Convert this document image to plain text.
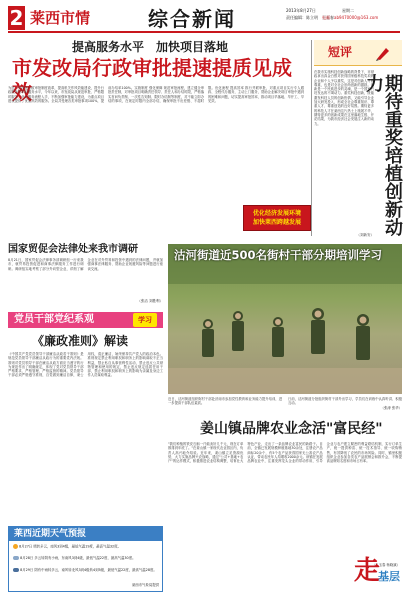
2 莱西市情	综合新闻	2013年8月27日	星期二
责任编辑：陈立明　王玉春
电邮：ab9470000@163.com
提高服务水平　加快项目落地
市发改局行政审批提速提质见成效
为进一步深化行政审批制度改革，提高机关作风效能建设，提升行政服务效率和服务水平，今年以来，市发改局从规范审批、严格限时服务、优化服务流程入手，不断加强审批能力建设，为重点项目建设提供了优质高效的服务。全局共受理各类审批事项100%，提前办结率100%。实施制度 强化保障 规范审批流程，建立健全审批责任制，对审批项目明确责任领导、责任人和办结时限，严格落实首问负责制、一次性告知制、限时办结制等制度，对不能立即办结的事项，在规定时限内全部办结，确保审批不出差错、不超时限。优化流程 提高效率 推行并联审批，对重点项目实行专人跟踪、全程代办服务，主动上门服务，帮助企业解决项目审批中遇到的困难和问题，切实提高审批效率，推动项目早落地、早开工、早见效。
优化经济发展环境
加快莱西跨越发展
短评
在我市实施科技创新战略的背景下，市财政拿出真金白银对获得国家级科技奖项的企业和个人予以重奖，这是对创新人才的尊重，也是对全社会崇尚创新的激励。创新是一个民族进步的灵魂，是一个国家兴旺发达的不竭动力。重奖科技创新，既能激发科技人员的创新热情，又能引导企业加大研发投入，形成全社会尊重知识、尊重人才、尊重创造的良好氛围。期待更多的科技人才在莱西这片热土上施展才华，期待更多的创新成果在这里落地生根、开花结果，为我市经济社会发展注入新的动力。	期待重奖培植创新动力
（刘新安）
国家贸促会法律处来我市调研
8月21日，国家贸促会法律事务部调研组一行来我市，就贸易投资促进和商事法律服务工作进行调研。调研组实地考察了部分外向型企业，详细了解企业在对外贸易和投资中遇到的法律问题，并就加强商事法律服务、帮助企业规避风险等问题进行座谈交流。
（张洁 刘胜利）
党员干部党纪系观	学习
《廉政准则》解读
《中国共产党党员领导干部廉洁从政若干准则》是规范党员领导干部廉洁从政行为的重要党内法规。准则对党员领导干部在廉洁从政方面应当遵守的行为规范作出了明确规定，体现了党对党员领导干部严格要求、严格管理、严格监督的精神。党员领导干部必须严格遵守准则，自觉做到廉洁自律，秉公用权，清正廉洁，始终保持共产党人的政治本色。准则规定禁止利用职权和职务上的影响谋取不正当利益，禁止私自从事营利性活动，禁止违反公共财物管理和使用的规定，禁止违反规定选拔任用干部，禁止利用职权和职务上的影响为亲属及身边工作人员谋取利益。
莱西近期天气预报
8月27日 晴转多云，南风3到4级，最低气温19度，最高气温32度。
8月28日 多云转阴有小雨，东南风3到4级，最低气温22度，最高气温30度。
8月29日 阴有中雨转多云，南风转北风3到4级转4到5级，最低气温22度，最高气温28度。
莱西市气象局提供
沽河街道近500名街村干部分期培训学习
近日，沽河街道组织街村干部赴济南市参加党性教育和业务能力提升培训，进一步提高干部队伍素质。
日前，沽河街道分批组织街村干部外出学习，学员们在训练中认真听讲、积极互动。
（张涛 张华）
姜山镇品牌农业念活"富民经"
"我们种植的铁皮石斛一斤能卖好几千元，现在订单都排到年底了。"在姜山镇一家现代农业园区内，负责人高兴地介绍说。近年来，姜山镇立足资源优势，大力实施品牌兴农战略，通过"公司+基地+农户"的运作模式，积极推进农业结构调整，培育壮大特色产业，走出了一条品牌农业富民的新路子。目前，全镇已发展规模种植基地30余处，注册农产品商标20余个，有5个农产品获得国家无公害农产品认证，带动农民年人均增收2000余元。该镇在发展品牌农业中，注重发挥龙头企业的带动作用，引导企业与农户建立紧密的利益联结机制，实行订单生产，统一提供种苗、统一技术指导、统一收购销售，有效降低了农民的市场风险。同时，镇里积极组织企业参加各类农产品展销会和推介会，不断提高品牌知名度和市场占有率。
（王玉春 杨晓斌）
走
基层
